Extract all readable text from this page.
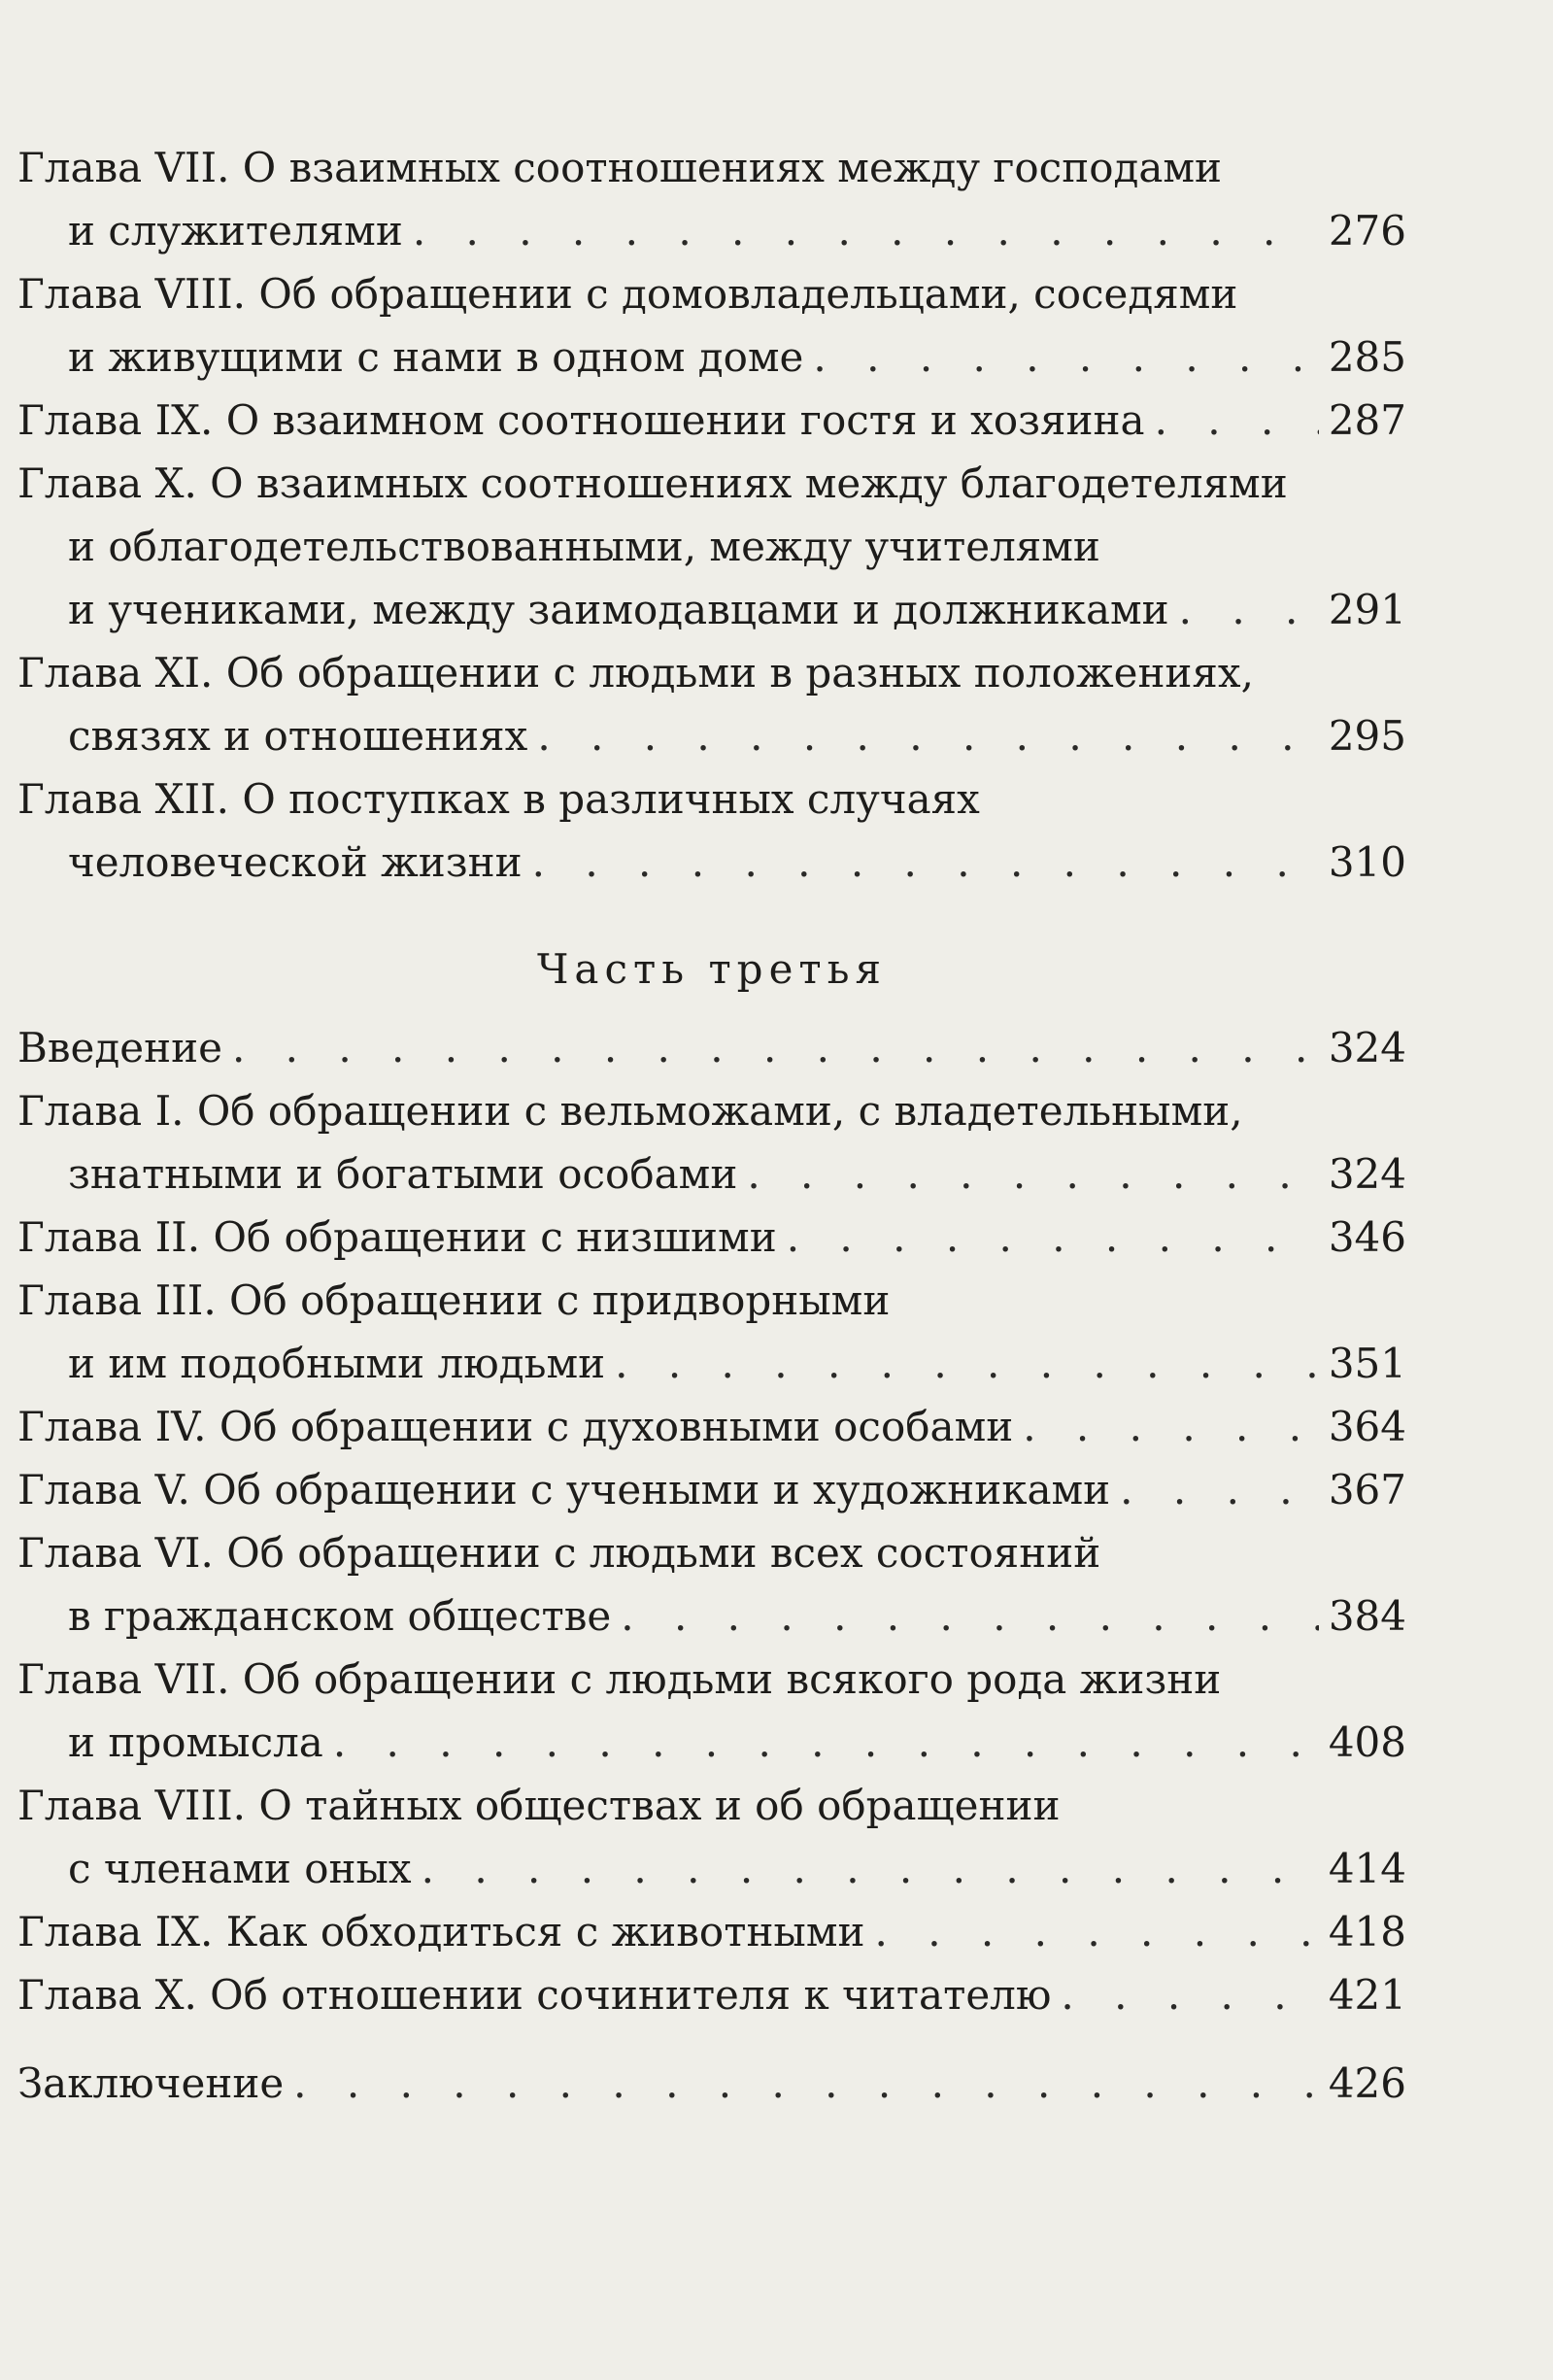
Глава VII. О взаимных соотношениях между господами
и служителями . . .	276
Глава VIII. Об обращении с домовладельцами, соседями
и живущими с нами в одном доме . . .	285
Глава IX. О взаимном соотношении гостя и хозяина . . .	287
Глава X. О взаимных соотношениях между благодетелями
и облагодетельствованными, между учителями
и учениками, между заимодавцами и должниками . . .	291
Глава XI. Об обращении с людьми в разных положениях,
связях и отношениях . . .	295
Глава XII. О поступках в различных случаях
человеческой жизни . . .	310
Часть третья
Введение . . .	324
Глава I. Об обращении с вельможами, с владетельными,
знатными и богатыми особами . . .	324
Глава II. Об обращении с низшими . . .	346
Глава III. Об обращении с придворными
и им подобными людьми . . .	351
Глава IV. Об обращении с духовными особами . . .	364
Глава V. Об обращении с учеными и художниками . . .	367
Глава VI. Об обращении с людьми всех состояний
в гражданском обществе . . .	384
Глава VII. Об обращении с людьми всякого рода жизни
и промысла . . .	408
Глава VIII. О тайных обществах и об обращении
с членами оных . . .	414
Глава IX. Как обходиться с животными . . .	418
Глава X. Об отношении сочинителя к читателю . . .	421
Заключение . . .	426
